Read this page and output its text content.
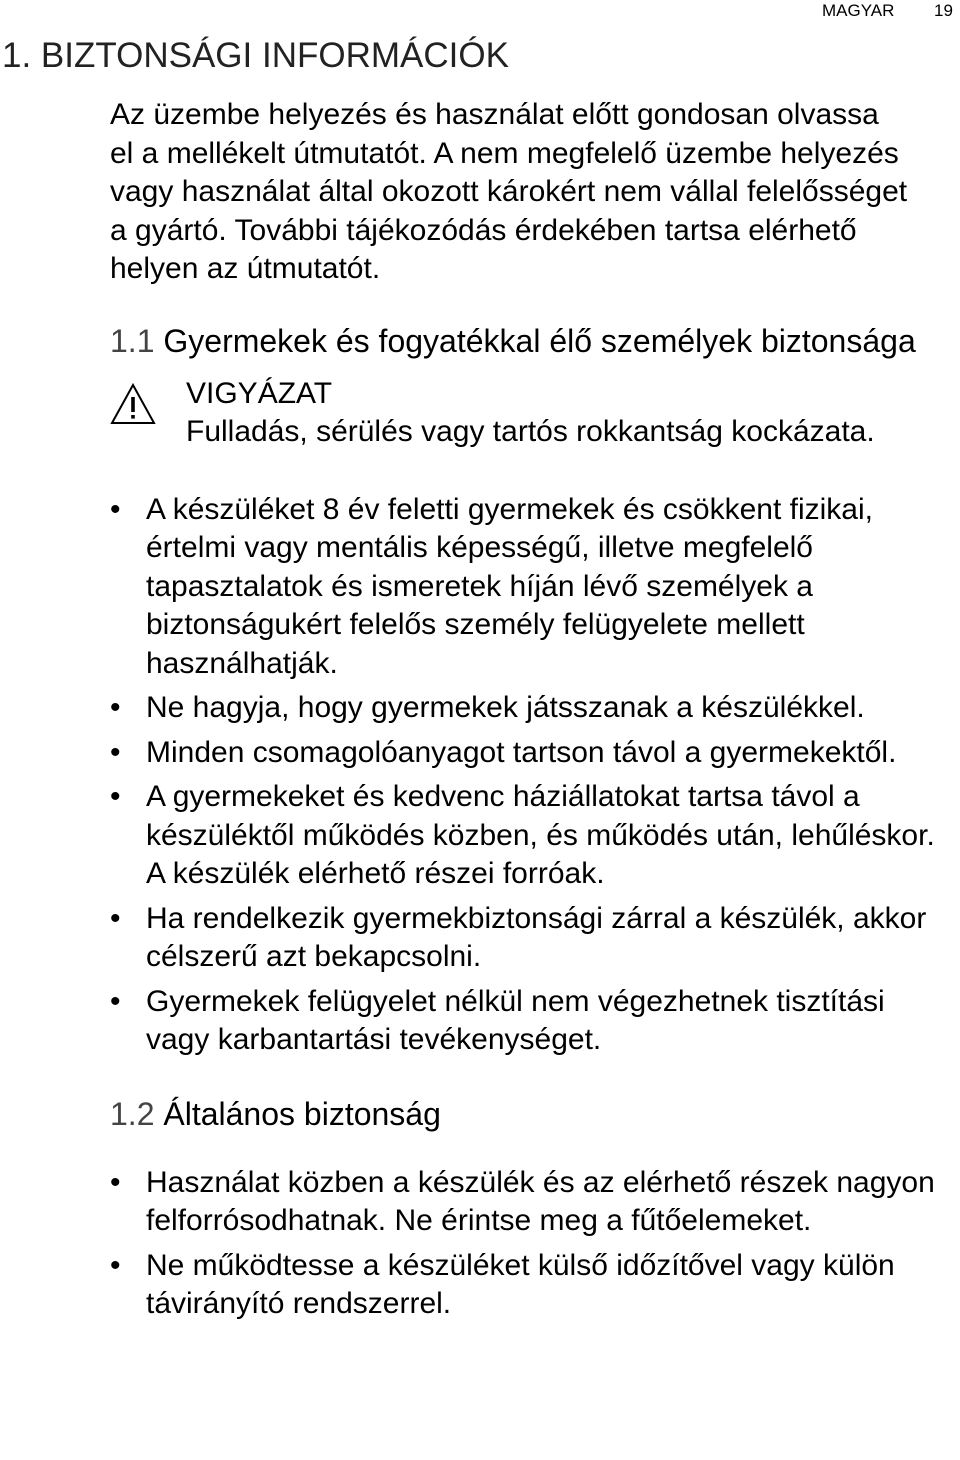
MAGYAR 19
1. BIZTONSÁGI INFORMÁCIÓK

Az üzembe helyezés és használat előtt gondosan olvassa el a mellékelt útmutatót. A nem megfelelő üzembe helyezés vagy használat által okozott károkért nem vállal felelősséget a gyártó. További tájékozódás érdekében tartsa elérhető helyen az útmutatót.

1.1 Gyermekek és fogyatékkal élő személyek biztonsága
VIGYÁZAT
Fulladás, sérülés vagy tartós rokkantság kockázata.
• A készüléket 8 év feletti gyermekek és csökkent fizikai, értelmi vagy mentális képességű, illetve megfelelő tapasztalatok és ismeretek híján lévő személyek a biztonságukért felelős személy felügyelete mellett használhatják.
• Ne hagyja, hogy gyermekek játsszanak a készülékkel.
• Minden csomagolóanyagot tartson távol a gyermekektől.
• A gyermekeket és kedvenc háziállatokat tartsa távol a készüléktől működés közben, és működés után, lehűléskor. A készülék elérhető részei forróak.
• Ha rendelkezik gyermekbiztonsági zárral a készülék, akkor célszerű azt bekapcsolni.
• Gyermekek felügyelet nélkül nem végezhetnek tisztítási vagy karbantartási tevékenységet.
1.2 Általános biztonság
• Használat közben a készülék és az elérhető részek nagyon felforrósodhatnak. Ne érintse meg a fűtőelemeket.
• Ne működtesse a készüléket külső időzítővel vagy külön távirányító rendszerrel.
